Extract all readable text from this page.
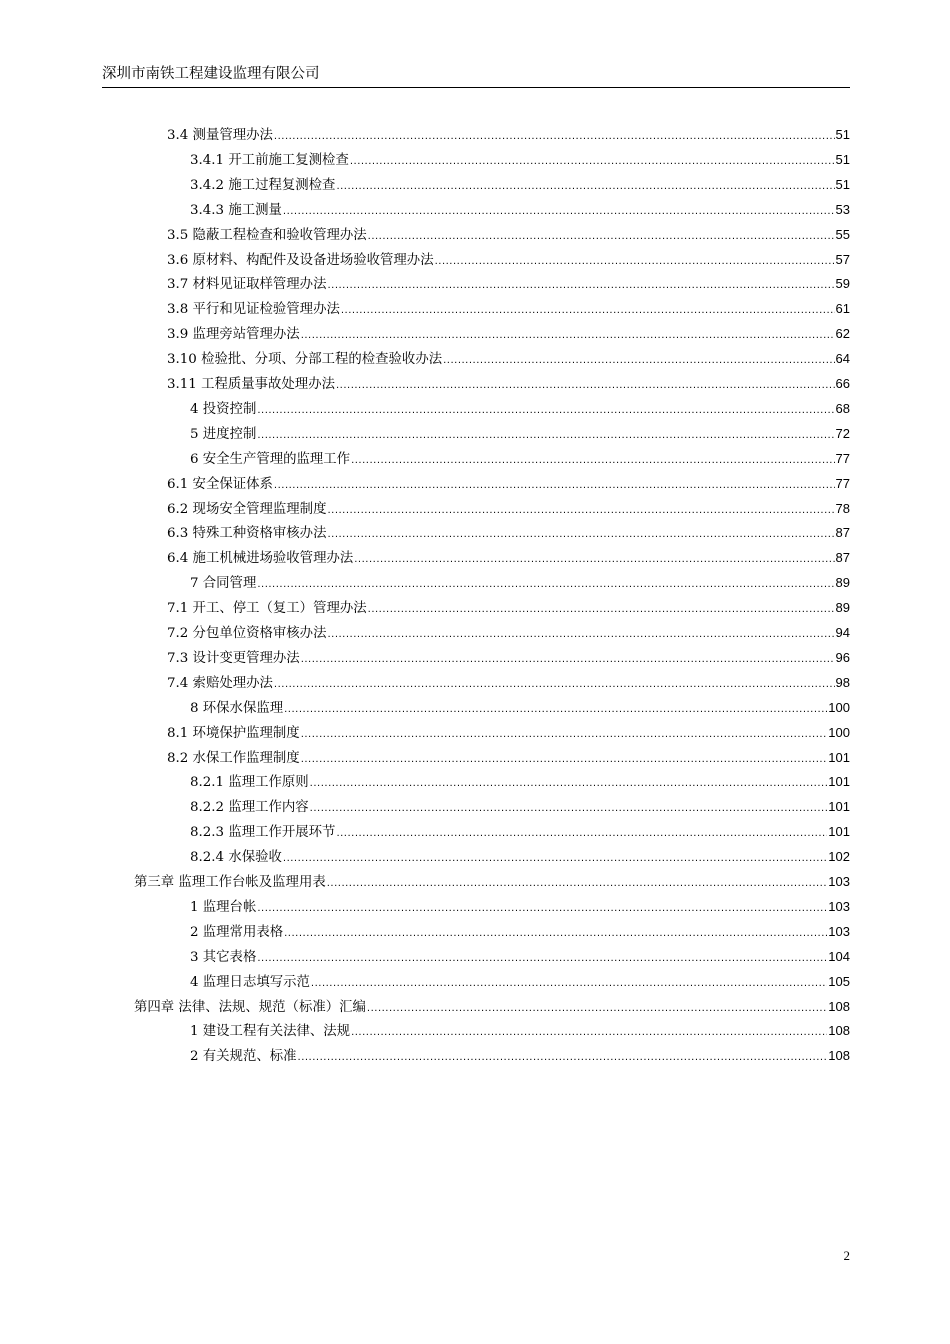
深圳市南铁工程建设监理有限公司
3.4 测量管理办法 .....	51
3.4.1 开工前施工复测检查 .....	51
3.4.2 施工过程复测检查 .....	51
3.4.3 施工测量 .....	53
3.5 隐蔽工程检查和验收管理办法 .....	55
3.6 原材料、构配件及设备进场验收管理办法 .....	57
3.7 材料见证取样管理办法 .....	59
3.8 平行和见证检验管理办法 .....	61
3.9 监理旁站管理办法 .....	62
3.10 检验批、分项、分部工程的检查验收办法 .....	64
3.11 工程质量事故处理办法 .....	66
4 投资控制 .....	68
5 进度控制 .....	72
6 安全生产管理的监理工作 .....	77
6.1 安全保证体系 .....	77
6.2 现场安全管理监理制度 .....	78
6.3 特殊工种资格审核办法 .....	87
6.4 施工机械进场验收管理办法 .....	87
7 合同管理 .....	89
7.1 开工、停工（复工）管理办法 .....	89
7.2 分包单位资格审核办法 .....	94
7.3 设计变更管理办法 .....	96
7.4 索赔处理办法 .....	98
8 环保水保监理 .....	100
8.1 环境保护监理制度 .....	100
8.2 水保工作监理制度 .....	101
8.2.1 监理工作原则 .....	101
8.2.2 监理工作内容 .....	101
8.2.3 监理工作开展环节 .....	101
8.2.4 水保验收 .....	102
第三章 监理工作台帐及监理用表 .....	103
1 监理台帐 .....	103
2 监理常用表格 .....	103
3 其它表格 .....	104
4 监理日志填写示范 .....	105
第四章 法律、法规、规范（标准）汇编 .....	108
1 建设工程有关法律、法规 .....	108
2 有关规范、标准 .....	108
2
